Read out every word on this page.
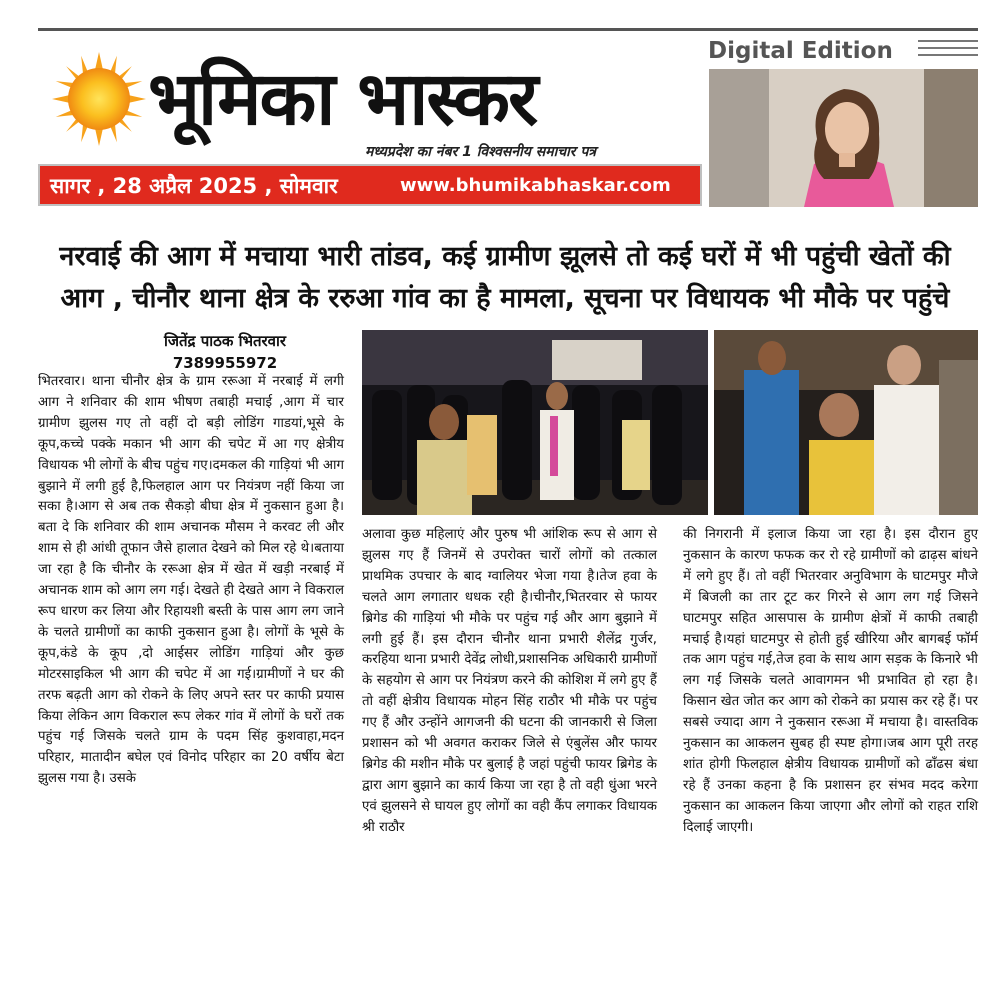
भूमिका भास्कर
मध्यप्रदेश का नंबर 1 विश्वसनीय समाचार पत्र
सागर , 28 अप्रैल 2025 , सोमवार	www.bhumikabhaskar.com
Digital Edition
नरवाई की आग में मचाया भारी तांडव, कई ग्रामीण झूलसे तो कई घरों में भी पहुंची खेतों की आग , चीनौर थाना क्षेत्र के ररुआ गांव का है मामला, सूचना पर विधायक भी मौके पर पहुंचे
जितेंद्र पाठक भितरवार
7389955972
भितरवार। थाना चीनौर क्षेत्र के ग्राम ररूआ में नरबाई में लगी आग ने शनिवार की शाम भीषण तबाही मचाई ,आग में चार ग्रामीण झुलस गए तो वहीं दो बड़ी लोडिंग गाडयां,भूसे के कूप,कच्चे पक्के मकान भी आग की चपेट में आ गए क्षेत्रीय विधायक भी लोगों के बीच पहुंच गए।दमकल की गाड़ियां भी आग बुझाने में लगी हुई है,फिलहाल आग पर नियंत्रण नहीं किया जा सका है।आग से अब तक सैकड़ो बीघा क्षेत्र में नुकसान हुआ है। बता दे कि शनिवार की शाम अचानक मौसम ने करवट ली और शाम से ही आंधी तूफान जैसे हालात देखने को मिल रहे थे।बताया जा रहा है कि चीनौर के ररूआ क्षेत्र में खेत में खड़ी नरबाई में अचानक शाम को आग लग गई। देखते ही देखते आग ने विकराल रूप धारण कर लिया और रिहायशी बस्ती के पास आग लग जाने के चलते ग्रामीणों का काफी नुकसान हुआ है। लोगों के भूसे के कूप,कंडे के कूप ,दो आईसर लोडिंग गाड़ियां और कुछ मोटरसाइकिल भी आग की चपेट में आ गई।ग्रामीणों ने घर की तरफ बढ़ती आग को रोकने के लिए अपने स्तर पर काफी प्रयास किया लेकिन आग विकराल रूप लेकर गांव में लोगों के घरों तक पहुंच गई जिसके चलते ग्राम के पदम सिंह कुशवाहा,मदन परिहार, मातादीन बघेल एवं विनोद परिहार का 20 वर्षीय बेटा झुलस गया है। उसके
अलावा कुछ महिलाएं और पुरुष भी आंशिक रूप से आग से झुलस गए हैं जिनमें से उपरोक्त चारों लोगों को तत्काल प्राथमिक उपचार के बाद ग्वालियर भेजा गया है।तेज हवा के चलते आग लगातार धधक रही है।चीनौर,भितरवार से फायर ब्रिगेड की गाड़ियां भी मौके पर पहुंच गई और आग बुझाने में लगी हुई हैं। इस दौरान चीनौर थाना प्रभारी शैलेंद्र गुर्जर, करहिया थाना प्रभारी देवेंद्र लोधी,प्रशासनिक अधिकारी ग्रामीणों के सहयोग से आग पर नियंत्रण करने की कोशिश में लगे हुए हैं तो वहीं क्षेत्रीय विधायक मोहन सिंह राठौर भी मौके पर पहुंच गए हैं और उन्होंने आगजनी की घटना की जानकारी से जिला प्रशासन को भी अवगत कराकर जिले से एंबुलेंस और फायर ब्रिगेड की मशीन मौके पर बुलाई है जहां पहुंची फायर ब्रिगेड के द्वारा आग बुझाने का कार्य किया जा रहा है तो वही धुंआ भरने एवं झुलसने से घायल हुए लोगों का वही कैंप लगाकर विधायक श्री राठौर
की निगरानी में इलाज किया जा रहा है। इस दौरान हुए नुकसान के कारण फफक कर रो रहे ग्रामीणों को ढाढ़स बांधने में लगे हुए हैं। तो वहीं भितरवार अनुविभाग के घाटमपुर मौजे में बिजली का तार टूट कर गिरने से आग लग गई जिसने घाटमपुर सहित आसपास के ग्रामीण क्षेत्रों में काफी तबाही मचाई है।यहां घाटमपुर से होती हुई खीरिया और बागबई फॉर्म तक आग पहुंच गई,तेज हवा के साथ आग सड़क के किनारे भी लग गई जिसके चलते आवागमन भी प्रभावित हो रहा है।किसान खेत जोत कर आग को रोकने का प्रयास कर रहे हैं। पर सबसे ज्यादा आग ने नुकसान ररूआ में मचाया है। वास्तविक नुकसान का आकलन सुबह ही स्पष्ट होगा।जब आग पूरी तरह शांत होगी फिलहाल क्षेत्रीय विधायक ग्रामीणों को ढाँढस बंधा रहे हैं उनका कहना है कि प्रशासन हर संभव मदद करेगा नुकसान का आकलन किया जाएगा और लोगों को राहत राशि दिलाई जाएगी।
